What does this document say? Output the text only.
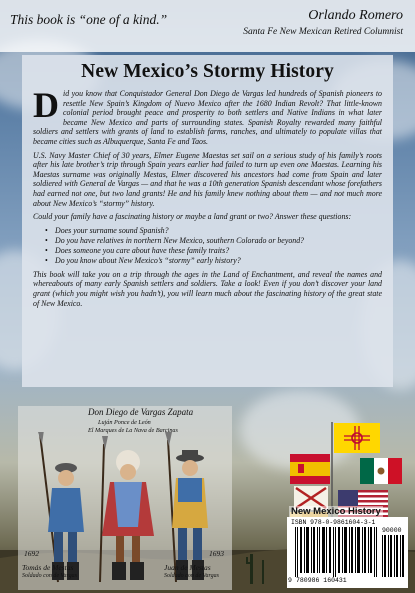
This book is “one of a kind.”	Orlando Romero
Santa Fe New Mexican Retired Columnist
New Mexico’s Stormy History

Did you know that Conquistador General Don Diego de Vargas led hundreds of Spanish pioneers to resettle New Spain’s Kingdom of Nuevo Mexico after the 1680 Indian Revolt? That little-known colonial period brought peace and prosperity to both settlers and Native Indians in what later became New Mexico and parts of surrounding states. Spanish Royalty rewarded many faithful soldiers and settlers with grants of land to establish farms, ranches, and ultimately to populate villas that became cities such as Albuquerque, Santa Fe and Taos.

U.S. Navy Master Chief of 30 years, Elmer Eugene Maestas set sail on a serious study of his family’s roots after his late brother’s trip through Spain years earlier had failed to turn up even one Maestas. Learning his Maestas surname was originally Mestas, Elmer discovered his ancestors had come from Spain and later soldiered with General de Vargas — and that he was a 10th generation Spanish descendant whose forefathers had earned not one, but two land grants! He and his family knew nothing about them — and not much more about New Mexico’s “stormy” history.

Could your family have a fascinating history or maybe a land grant or two? Answer these questions:

• Does your surname sound Spanish?
• Do you have relatives in northern New Mexico, southern Colorado or beyond?
• Does someone you care about have these family traits?
• Do you know about New Mexico’s “stormy” early history?

This book will take you on a trip through the ages in the Land of Enchantment, and reveal the names and whereabouts of many early Spanish settlers and soldiers. Take a look! Even if you don’t discover your land grant (which you might wish you hadn’t), you will learn much about the fascinating history of the great state of New Mexico.

Don Diego de Vargas Zapata
Luján Ponce de León
El Marques de La Nava de Barcinas
1692	1693
Tomás de Mestas
Soldado con de Vargas
Juan de Mestas
Soldado con de Vargas
New Mexico History
ISBN 978-0-9861604-3-1
90000
9 780986 160431
